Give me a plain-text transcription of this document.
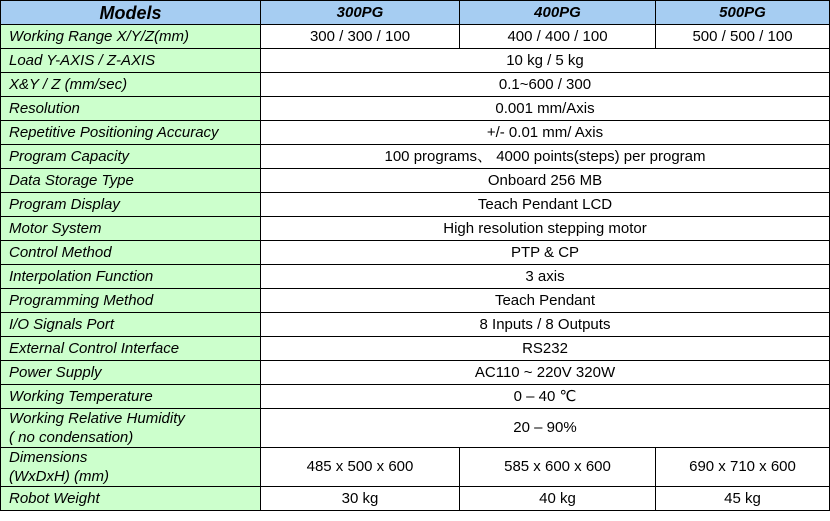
Models	300PG	400PG	500PG
Working Range X/Y/Z(mm)	300 / 300 / 100	400 / 400 / 100	500 / 500 / 100
Load Y-AXIS / Z-AXIS	10 kg / 5 kg		
X&Y / Z (mm/sec)	0.1~600 / 300		
Resolution	0.001 mm/Axis		
Repetitive Positioning Accuracy	+/- 0.01 mm/ Axis		
Program Capacity	100 programs、 4000 points(steps) per program		
Data Storage Type	Onboard 256 MB		
Program Display	Teach Pendant LCD		
Motor System	High resolution stepping motor		
Control Method	PTP & CP		
Interpolation Function	3 axis		
Programming Method	Teach Pendant		
I/O Signals Port	8 Inputs / 8 Outputs		
External Control Interface	RS232		
Power Supply	AC110 ~ 220V 320W		
Working Temperature	0 – 40 ℃		

Working Relative Humidity
( no condensation)	20 – 90%		

Dimensions
(WxDxH) (mm)	485 x 500 x 600	585 x 600 x 600	690 x 710 x 600
Robot Weight	30 kg	40 kg	45 kg
